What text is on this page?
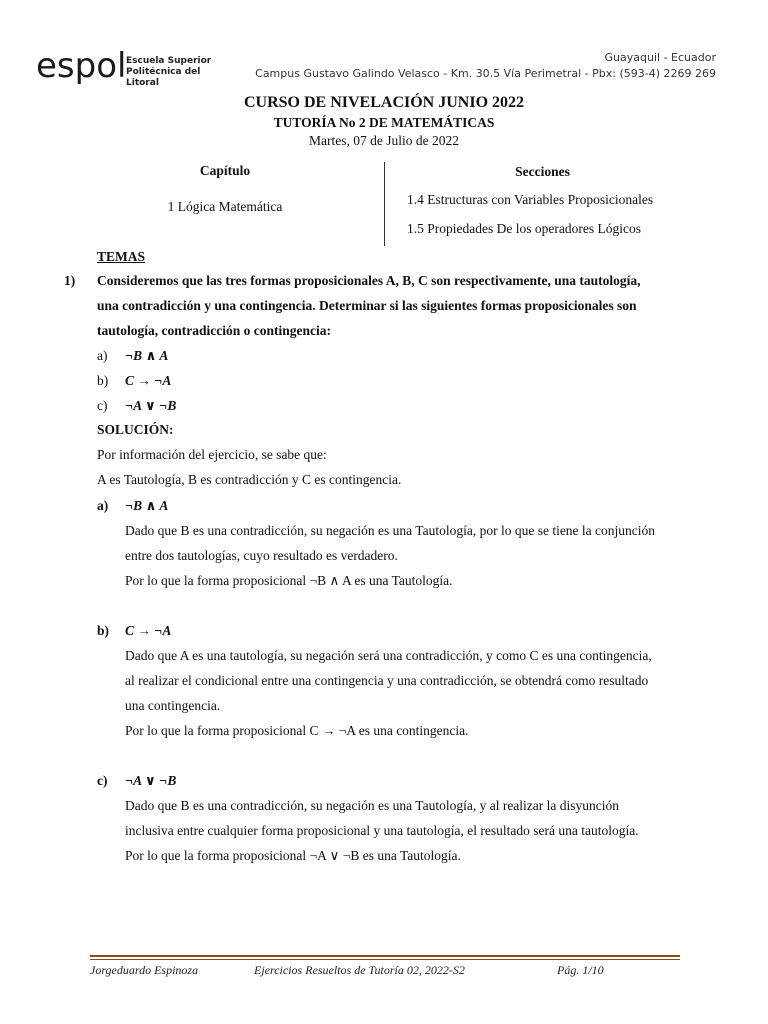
espol Escuela Superior
Politécnica del Litoral
Guayaquil - Ecuador
Campus Gustavo Galindo Velasco - Km. 30.5 Vía Perimetral - Pbx: (593-4) 2269 269
CURSO DE NIVELACIÓN JUNIO 2022
TUTORÍA No 2 DE MATEMÁTICAS
Martes, 07 de Julio de 2022
Capítulo	Secciones
1 Lógica Matemática	1.4 Estructuras con Variables Proposicionales
1.5 Propiedades De los operadores Lógicos
TEMAS
1) Consideremos que las tres formas proposicionales A, B, C son respectivamente, una tautología,
una contradicción y una contingencia. Determinar si las siguientes formas proposicionales son
tautología, contradicción o contingencia:
a) ¬B ∧ A
b) C → ¬A
c) ¬A ∨ ¬B
SOLUCIÓN:
Por información del ejercicio, se sabe que:
A es Tautología, B es contradicción y C es contingencia.
a) ¬B ∧ A
Dado que B es una contradicción, su negación es una Tautología, por lo que se tiene la conjunción
entre dos tautologías, cuyo resultado es verdadero.
Por lo que la forma proposicional ¬B ∧ A es una Tautología.
b) C → ¬A
Dado que A es una tautología, su negación será una contradicción, y como C es una contingencia,
al realizar el condicional entre una contingencia y una contradicción, se obtendrá como resultado
una contingencia.
Por lo que la forma proposicional C → ¬A es una contingencia.
c) ¬A ∨ ¬B
Dado que B es una contradicción, su negación es una Tautología, y al realizar la disyunción
inclusiva entre cualquier forma proposicional y una tautología, el resultado será una tautología.
Por lo que la forma proposicional ¬A ∨ ¬B es una Tautología.
Jorgeduardo Espinoza	Ejercicios Resueltos de Tutoría 02, 2022-S2	Pág. 1/10
